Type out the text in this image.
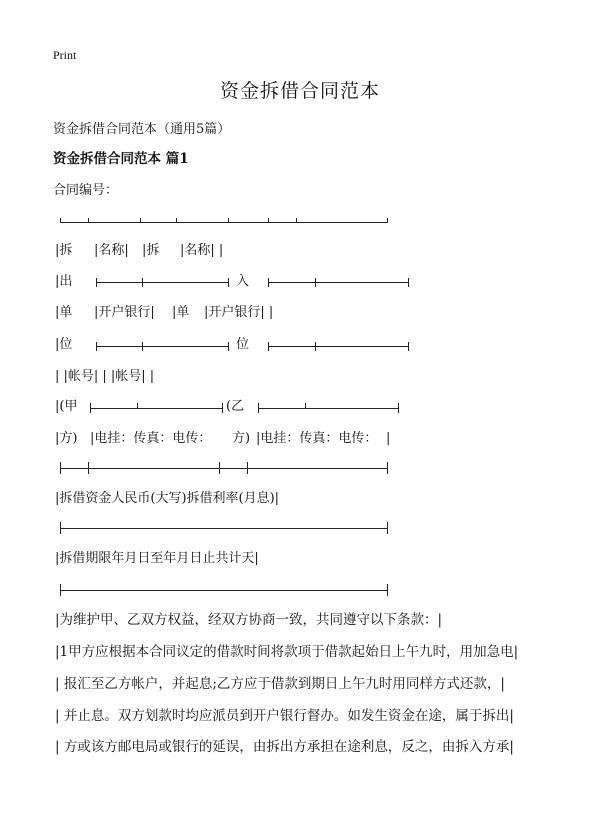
Print
资金拆借合同范本
资金拆借合同范本（通用5篇）
资金拆借合同范本 篇1
合同编号：
|拆 |名称| |拆 |名称| |
|出	入
|单 |开户银行| |单 |开户银行| |
|位	位
| |帐号| | |帐号| |
|(甲	(乙
|方) |电挂：传真：电传： 方) |电挂：传真：电传： |
|拆借资金人民币(大写)拆借利率(月息)|
|拆借期限年月日至年月日止共计天|
|为维护甲、乙双方权益，经双方协商一致，共同遵守以下条款：|
|1甲方应根据本合同议定的借款时间将款项于借款起始日上午九时，用加急电|
| 报汇至乙方帐户，并起息;乙方应于借款到期日上午九时用同样方式还款，|
| 并止息。双方划款时均应派员到开户银行督办。如发生资金在途，属于拆出|
| 方或该方邮电局或银行的延误，由拆出方承担在途利息，反之，由拆入方承|
